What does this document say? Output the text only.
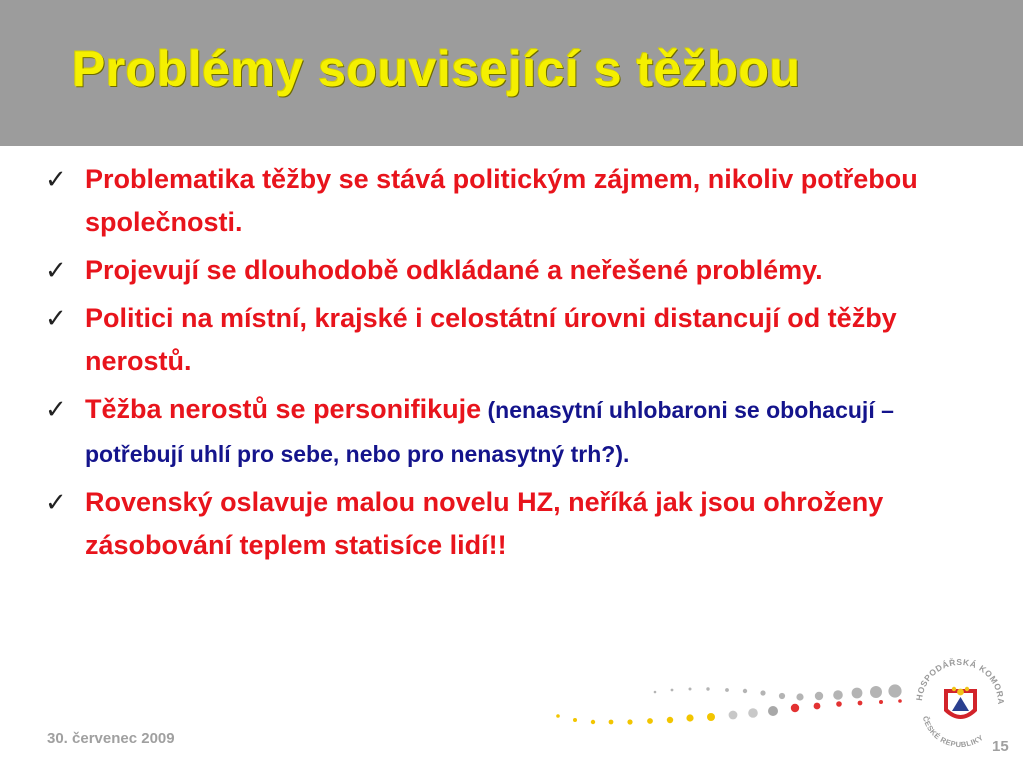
Problémy související s těžbou
✓ Problematika těžby se stává politickým zájmem, nikoliv potřebou společnosti.
✓ Projevují se dlouhodobě odkládané a neřešené problémy.
✓ Politici na místní, krajské i celostátní úrovni distancují od těžby nerostů.
✓ Těžba nerostů se personifikuje (nenasytní uhlobaroni se obohacují – potřebují uhlí pro sebe, nebo pro nenasytný trh?).
✓ Rovenský oslavuje malou novelu HZ, neříká jak jsou ohroženy zásobování teplem statisíce lidí!!
HOSPODÁŘSKÁ KOMORA
ČESKÉ REPUBLIKY
30. červenec 2009	15
